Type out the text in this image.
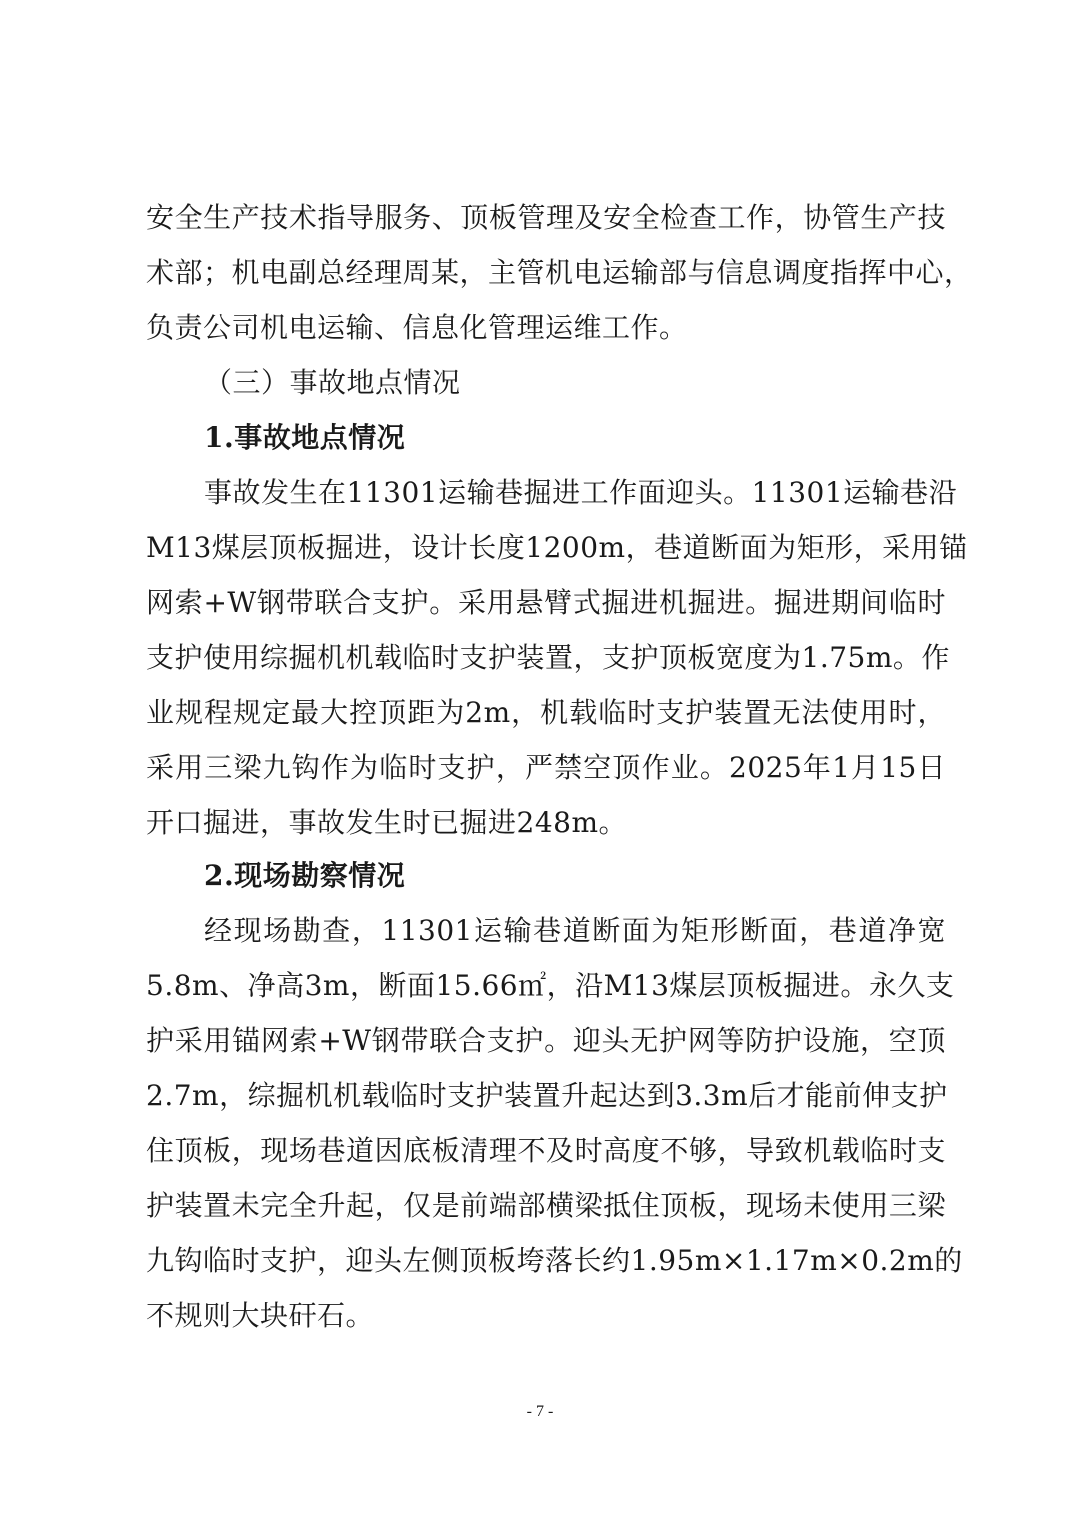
安全生产技术指导服务、顶板管理及安全检查工作，协管生产技
术部；机电副总经理周某，主管机电运输部与信息调度指挥中心，
负责公司机电运输、信息化管理运维工作。
（三）事故地点情况
1.事故地点情况
事故发生在11301运输巷掘进工作面迎头。11301运输巷沿
M13煤层顶板掘进，设计长度1200m，巷道断面为矩形，采用锚
网索+W钢带联合支护。采用悬臂式掘进机掘进。掘进期间临时
支护使用综掘机机载临时支护装置，支护顶板宽度为1.75m。作
业规程规定最大控顶距为2m，机载临时支护装置无法使用时，
采用三梁九钩作为临时支护，严禁空顶作业。2025年1月15日
开口掘进，事故发生时已掘进248m。
2.现场勘察情况
经现场勘查，11301运输巷道断面为矩形断面，巷道净宽
5.8m、净高3m，断面15.66㎡，沿M13煤层顶板掘进。永久支
护采用锚网索+W钢带联合支护。迎头无护网等防护设施，空顶
2.7m，综掘机机载临时支护装置升起达到3.3m后才能前伸支护
住顶板，现场巷道因底板清理不及时高度不够，导致机载临时支
护装置未完全升起，仅是前端部横梁抵住顶板，现场未使用三梁
九钩临时支护，迎头左侧顶板垮落长约1.95m×1.17m×0.2m的
不规则大块矸石。
- 7 -
